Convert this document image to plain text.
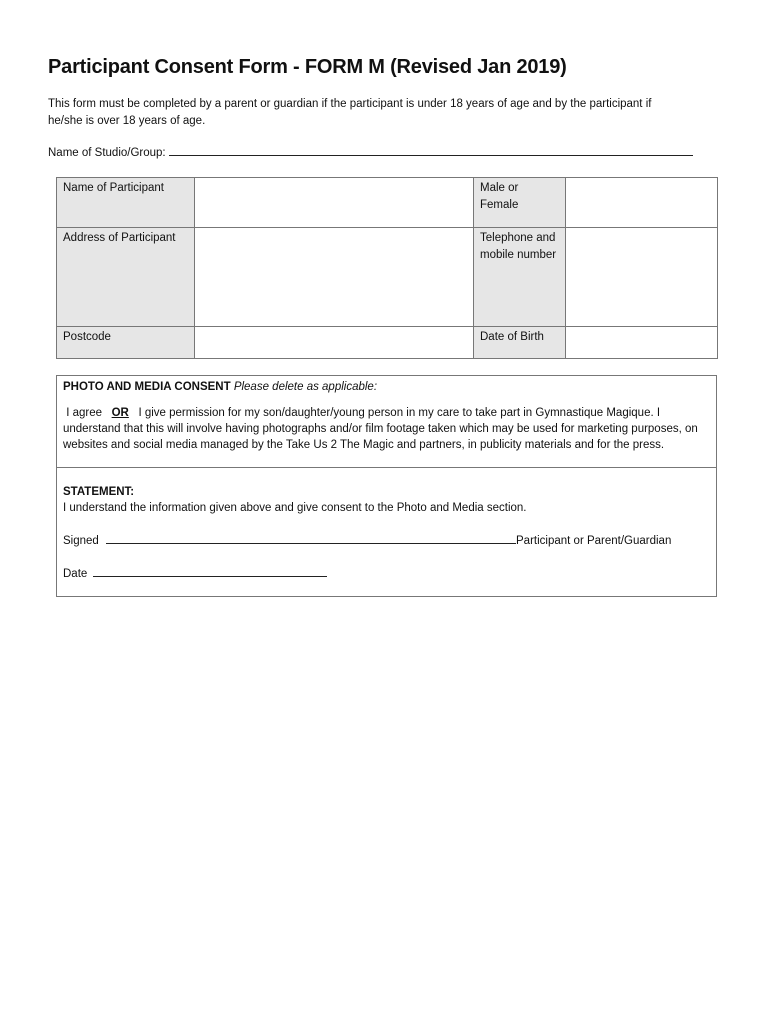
Participant Consent Form - FORM M (Revised Jan 2019)

This form must be completed by a parent or guardian if the participant is under 18 years of age and by the participant if he/she is over 18 years of age.

Name of Studio/Group:
Name of Participant		Male or Female	
Address of Participant		Telephone and mobile number	
Postcode		Date of Birth	

PHOTO AND MEDIA CONSENT Please delete as applicable:

I agree OR I give permission for my son/daughter/young person in my care to take part in Gymnastique Magique. I understand that this will involve having photographs and/or film footage taken which may be used for marketing purposes, on websites and social media managed by the Take Us 2 The Magic and partners, in publicity materials and for the press.

STATEMENT:

I understand the information given above and give consent to the Photo and Media section.

Signed	Participant or Parent/Guardian

Date
